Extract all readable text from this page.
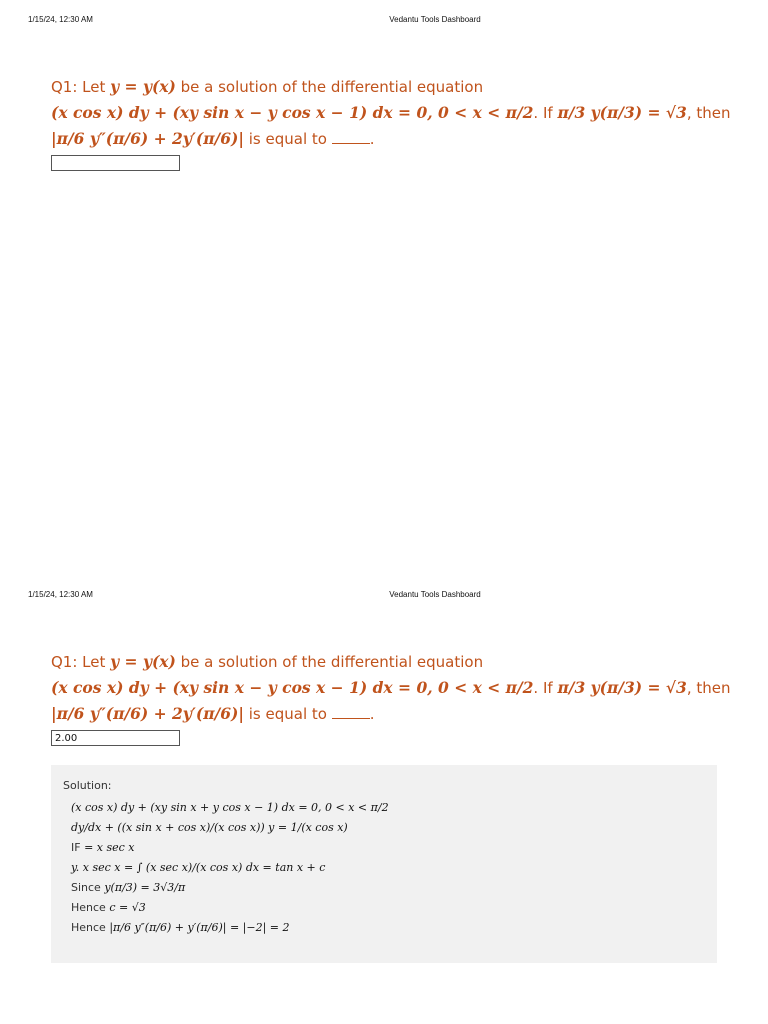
1/15/24, 12:30 AM	Vedantu Tools Dashboard
Q1: Let y = y(x) be a solution of the differential equation
(x cos x) dy + (xy sin x − y cos x − 1) dx = 0, 0 < x < π/2. If π/3 y(π/3) = √3, then
|π/6 y″(π/6) + 2y′(π/6)| is equal to	.
1/15/24, 12:30 AM	Vedantu Tools Dashboard
Q1: Let y = y(x) be a solution of the differential equation
(x cos x) dy + (xy sin x − y cos x − 1) dx = 0, 0 < x < π/2. If π/3 y(π/3) = √3, then
|π/6 y″(π/6) + 2y′(π/6)| is equal to	.
2.00
Solution:
(x cos x) dy + (xy sin x + y cos x − 1) dx = 0, 0 < x < π/2
dy/dx + ((x sin x + cos x)/(x cos x)) y = 1/(x cos x)
IF = x sec x
y. x sec x = ∫ (x sec x)/(x cos x) dx = tan x + c
Since y(π/3) = 3√3/π
Hence c = √3
Hence |π/6 y″(π/6) + y′(π/6)| = |−2| = 2
